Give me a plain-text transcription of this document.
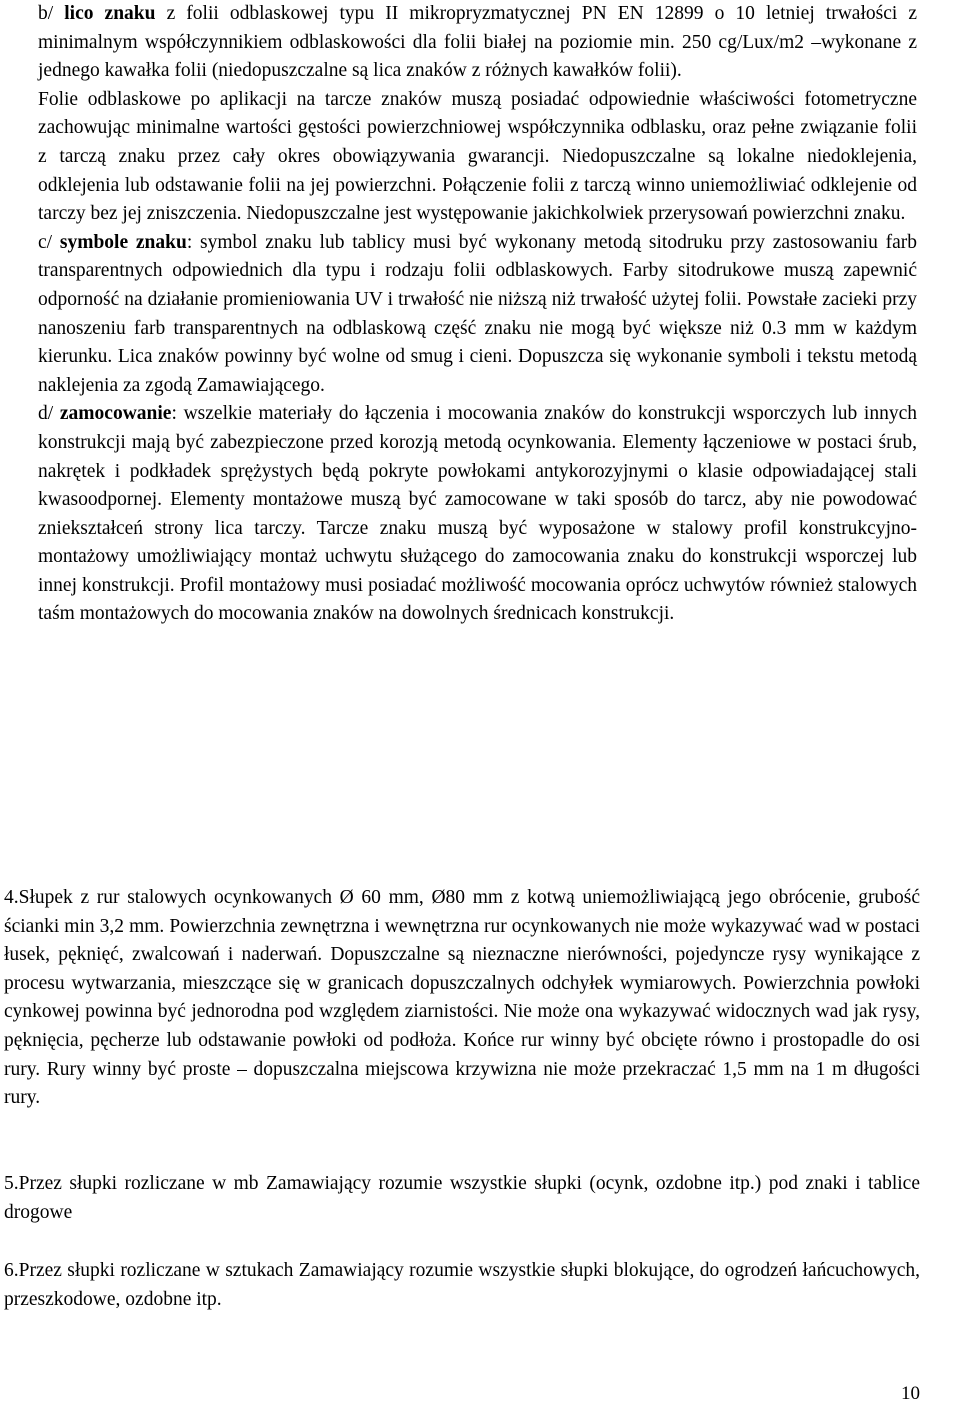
b/ lico znaku z folii odblaskowej typu II mikropryzmatycznej PN EN 12899 o 10 letniej trwałości z minimalnym współczynnikiem odblaskowości dla folii białej na poziomie min. 250 cg/Lux/m2 –wykonane z jednego kawałka folii (niedopuszczalne są lica znaków z różnych kawałków folii).

Folie odblaskowe po aplikacji na tarcze znaków muszą posiadać odpowiednie właściwości fotometryczne zachowując minimalne wartości gęstości powierzchniowej współczynnika odblasku, oraz pełne związanie folii z tarczą znaku przez cały okres obowiązywania gwarancji. Niedopuszczalne są lokalne niedoklejenia, odklejenia lub odstawanie folii na jej powierzchni. Połączenie folii z tarczą winno uniemożliwiać odklejenie od tarczy bez jej zniszczenia. Niedopuszczalne jest występowanie jakichkolwiek przerysowań powierzchni znaku.

c/ symbole znaku: symbol znaku lub tablicy musi być wykonany metodą sitodruku przy zastosowaniu farb transparentnych odpowiednich dla typu i rodzaju folii odblaskowych. Farby sitodrukowe muszą zapewnić odporność na działanie promieniowania UV i trwałość nie niższą niż trwałość użytej folii. Powstałe zacieki przy nanoszeniu farb transparentnych na odblaskową część znaku nie mogą być większe niż 0.3 mm w każdym kierunku. Lica znaków powinny być wolne od smug i cieni. Dopuszcza się wykonanie symboli i tekstu metodą naklejenia za zgodą Zamawiającego.

d/ zamocowanie: wszelkie materiały do łączenia i mocowania znaków do konstrukcji wsporczych lub innych konstrukcji mają być zabezpieczone przed korozją metodą ocynkowania. Elementy łączeniowe w postaci śrub, nakrętek i podkładek sprężystych będą pokryte powłokami antykorozyjnymi o klasie odpowiadającej stali kwasoodpornej. Elementy montażowe muszą być zamocowane w taki sposób do tarcz, aby nie powodować zniekształceń strony lica tarczy. Tarcze znaku muszą być wyposażone w stalowy profil konstrukcyjno-montażowy umożliwiający montaż uchwytu służącego do zamocowania znaku do konstrukcji wsporczej lub innej konstrukcji. Profil montażowy musi posiadać możliwość mocowania oprócz uchwytów również stalowych taśm montażowych do mocowania znaków na dowolnych średnicach konstrukcji.

4.Słupek z rur stalowych ocynkowanych Ø 60 mm, Ø80 mm z kotwą uniemożliwiającą jego obrócenie, grubość ścianki min 3,2 mm. Powierzchnia zewnętrzna i wewnętrzna rur ocynkowanych nie może wykazywać wad w postaci łusek, pęknięć, zwalcowań i naderwań. Dopuszczalne są nieznaczne nierówności, pojedyncze rysy wynikające z procesu wytwarzania, mieszczące się w granicach dopuszczalnych odchyłek wymiarowych. Powierzchnia powłoki cynkowej powinna być jednorodna pod względem ziarnistości. Nie może ona wykazywać widocznych wad jak rysy, pęknięcia, pęcherze lub odstawanie powłoki od podłoża. Końce rur winny być obcięte równo i prostopadle do osi rury. Rury winny być proste – dopuszczalna miejscowa krzywizna nie może przekraczać 1,5 mm na 1 m długości rury.

5.Przez słupki rozliczane w mb Zamawiający rozumie wszystkie słupki (ocynk, ozdobne itp.) pod znaki i tablice drogowe

6.Przez słupki rozliczane w sztukach Zamawiający rozumie wszystkie słupki blokujące, do ogrodzeń łańcuchowych, przeszkodowe, ozdobne itp.

10
